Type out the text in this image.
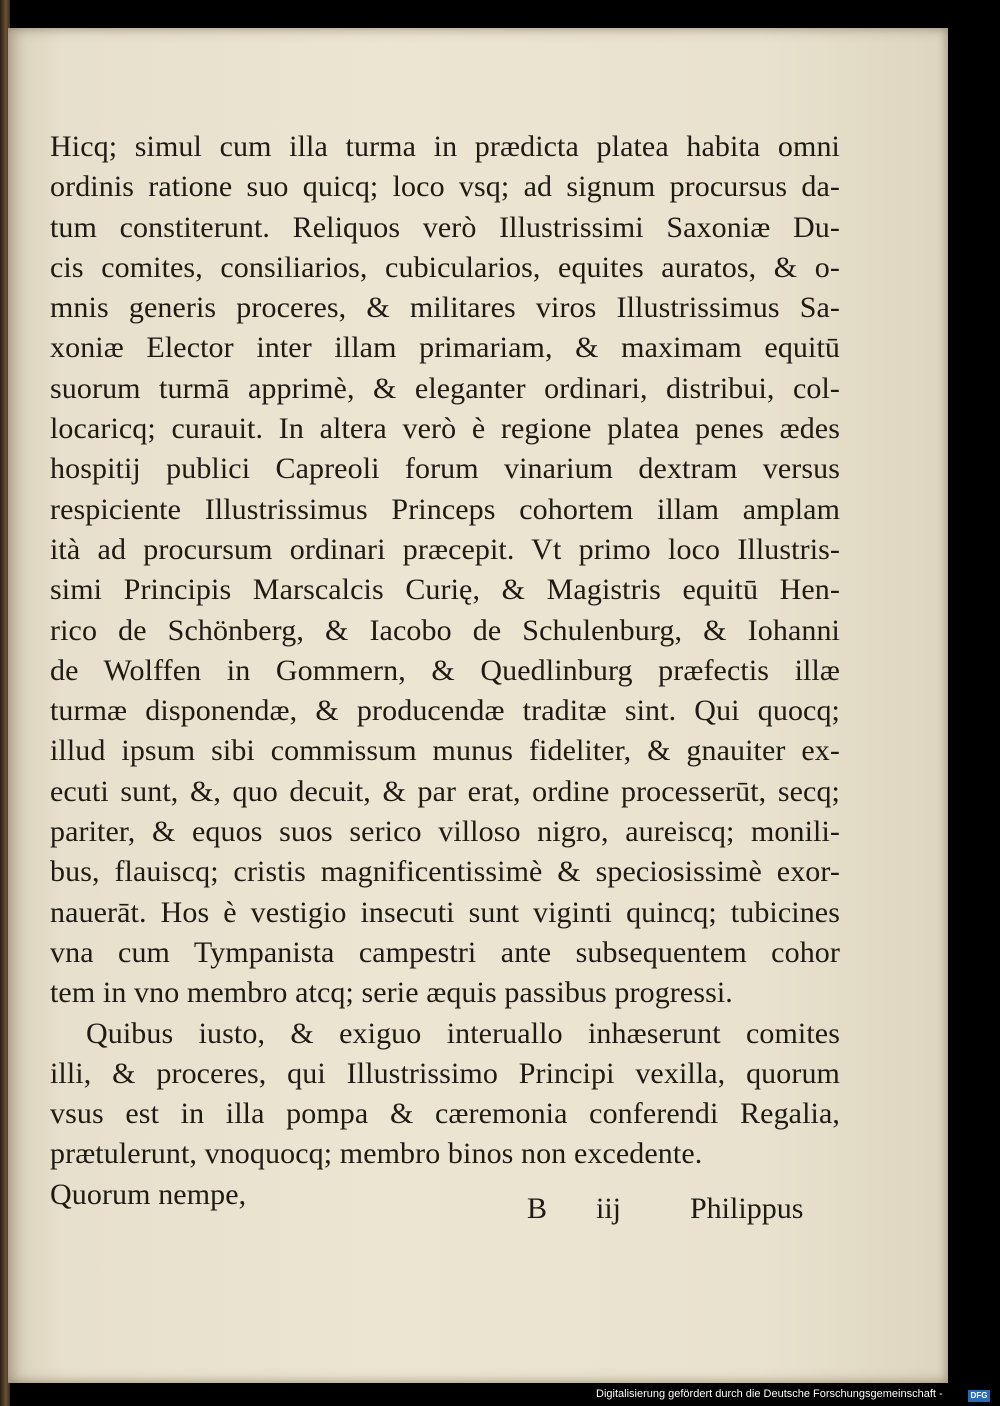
Hicq; simul cum illa turma in prædicta platea habita omni
ordinis ratione suo quicq; loco vsq; ad signum procursus da-
tum constiterunt. Reliquos verò Illustrissimi Saxoniæ Du-
cis comites, consiliarios, cubicularios, equites auratos, & o-
mnis generis proceres, & militares viros Illustrissimus Sa-
xoniæ Elector inter illam primariam, & maximam equitū
suorum turmā apprimè, & eleganter ordinari, distribui, col-
locaricq; curauit. In altera verò è regione platea penes ædes
hospitij publici Capreoli forum vinarium dextram versus
respiciente Illustrissimus Princeps cohortem illam amplam
ità ad procursum ordinari præcepit. Vt primo loco Illustris-
simi Principis Marscalcis Curię, & Magistris equitū Hen-
rico de Schönberg, & Iacobo de Schulenburg, & Iohanni
de Wolffen in Gommern, & Quedlinburg præfectis illæ
turmæ disponendæ, & producendæ traditæ sint. Qui quocq;
illud ipsum sibi commissum munus fideliter, & gnauiter ex-
ecuti sunt, &, quo decuit, & par erat, ordine processerūt, secq;
pariter, & equos suos serico villoso nigro, aureiscq; monili-
bus, flauiscq; cristis magnificentissimè & speciosissimè exor-
nauerāt. Hos è vestigio insecuti sunt viginti quincq; tubicines
vna cum Tympanista campestri ante subsequentem cohor
tem in vno membro atcq; serie æquis passibus progressi.
Quibus iusto, & exiguo interuallo inhæserunt comites
illi, & proceres, qui Illustrissimo Principi vexilla, quorum
vsus est in illa pompa & cæremonia conferendi Regalia,
prætulerunt, vnoquocq; membro binos non excedente.
Quorum nempe,	B iij Philippus
Digitalisierung gefördert durch die Deutsche Forschungsgemeinschaft -	DFG
